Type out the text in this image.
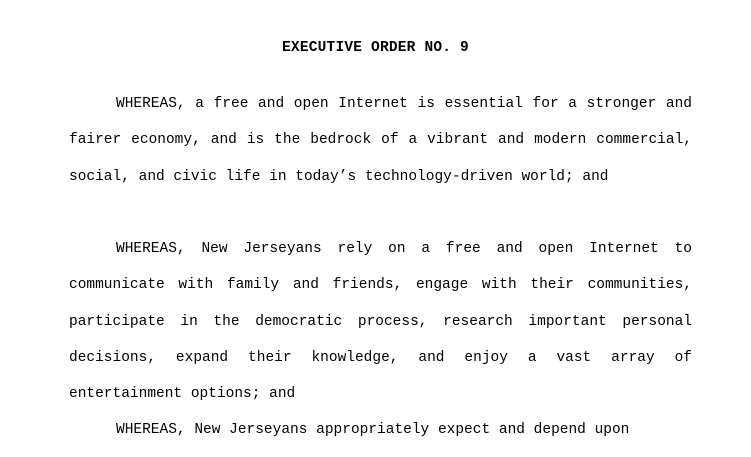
EXECUTIVE ORDER NO. 9

WHEREAS, a free and open Internet is essential for a stronger and fairer economy, and is the bedrock of a vibrant and modern commercial, social, and civic life in today’s technology-driven world; and

WHEREAS, New Jerseyans rely on a free and open Internet to communicate with family and friends, engage with their communities, participate in the democratic process, research important personal decisions, expand their knowledge, and enjoy a vast array of entertainment options; and

WHEREAS, New Jerseyans appropriately expect and depend upon
